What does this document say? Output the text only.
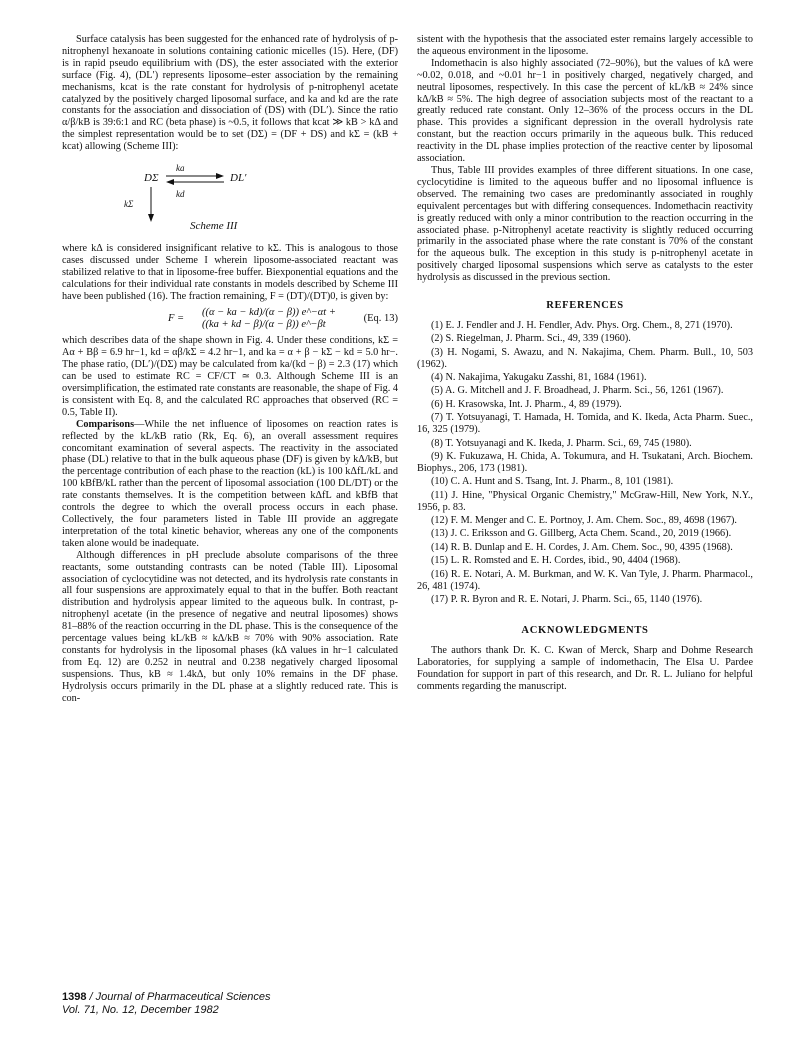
Surface catalysis has been suggested for the enhanced rate of hydrolysis of p-nitrophenyl hexanoate in solutions containing cationic micelles (15). Here, (DF) is in rapid pseudo equilibrium with (DS), the ester associated with the exterior surface (Fig. 4), (DL′) represents liposome–ester association by the remaining mechanisms, kcat is the rate constant for hydrolysis of p-nitrophenyl acetate catalyzed by the positively charged liposomal surface, and ka and kd are the rate constants for the association and dissociation of (DS) with (DL′). Since the ratio α/β/kB is 39:6:1 and RC (beta phase) is ~0.5, it follows that kcat ≫ kB > kΔ and the simplest representation would be to set (DΣ) = (DF + DS) and kΣ = (kB + kcat) allowing (Scheme III):

ka
DΣ	DL′
kd
kΣ
Scheme III

where kΔ is considered insignificant relative to kΣ. This is analogous to those cases discussed under Scheme I wherein liposome-associated reactant was stabilized relative to that in liposome-free buffer. Biexponential equations and the calculations for their individual rate constants in models described by Scheme III have been published (16). The fraction remaining, F = (DT)/(DT)0, is given by:

F =
((α − ka − kd)/(α − β)) e^−αt + ((ka + kd − β)/(α − β)) e^−βt
(Eq. 13)

which describes data of the shape shown in Fig. 4. Under these conditions, kΣ = Aα + Bβ = 6.9 hr−1, kd = αβ/kΣ = 4.2 hr−1, and ka = α + β − kΣ − kd = 5.0 hr−. The phase ratio, (DL′)/(DΣ) may be calculated from ka/(kd − β) = 2.3 (17) which can be used to estimate RC = CF/CT ≃ 0.3. Although Scheme III is an oversimplification, the estimated rate constants are reasonable, the shape of Fig. 4 is consistent with Eq. 8, and the calculated RC approaches that observed (RC = 0.5, Table II).

Comparisons—While the net influence of liposomes on reaction rates is reflected by the kL/kB ratio (Rk, Eq. 6), an overall assessment requires concomitant examination of several aspects. The reactivity in the associated phase (DL) relative to that in the bulk aqueous phase (DF) is given by kΔ/kB, but the percentage contribution of each phase to the reaction (kL) is 100 kΔfL/kL and 100 kBfB/kL rather than the percent of liposomal association (100 DL/DT) or the rate constants themselves. It is the competition between kΔfL and kBfB that controls the degree to which the overall process occurs in each phase. Collectively, the four parameters listed in Table III provide an aggregate interpretation of the total kinetic behavior, whereas any one of the components taken alone would be inadequate.

Although differences in pH preclude absolute comparisons of the three reactants, some outstanding contrasts can be noted (Table III). Liposomal association of cyclocytidine was not detected, and its hydrolysis rate constants in all four suspensions are approximately equal to that in the buffer. Both reactant distribution and hydrolysis appear limited to the aqueous bulk. In contrast, p-nitrophenyl acetate (in the presence of negative and neutral liposomes) shows 81–88% of the reaction occurring in the DL phase. This is the consequence of the percentage values being kL/kB ≈ kΔ/kB ≈ 70% with 90% association. Rate constants for hydrolysis in the liposomal phases (kΔ values in hr−1 calculated from Eq. 12) are 0.252 in neutral and 0.238 negatively charged liposomal suspensions. Thus, kB ≈ 1.4kΔ, but only 10% remains in the DF phase. Hydrolysis occurs primarily in the DL phase at a slightly reduced rate. This is con-

sistent with the hypothesis that the associated ester remains largely accessible to the aqueous environment in the liposome.

Indomethacin is also highly associated (72–90%), but the values of kΔ were ~0.02, 0.018, and ~0.01 hr−1 in positively charged, negatively charged, and neutral liposomes, respectively. In this case the percent of kL/kB ≈ 24% since kΔ/kB ≈ 5%. The high degree of association subjects most of the reactant to a greatly reduced rate constant. Only 12–36% of the process occurs in the DL phase. This provides a significant depression in the overall hydrolysis rate constant, but the reaction occurs primarily in the aqueous bulk. This reduced reactivity in the DL phase implies protection of the reactive center by liposomal association.

Thus, Table III provides examples of three different situations. In one case, cyclocytidine is limited to the aqueous buffer and no liposomal influence is observed. The remaining two cases are predominantly associated in roughly equivalent percentages but with differing consequences. Indomethacin reactivity is greatly reduced with only a minor contribution to the reaction occurring in the associated phase. p-Nitrophenyl acetate reactivity is slightly reduced occurring primarily in the associated phase where the rate constant is 70% of the constant for the aqueous bulk. The exception in this study is p-nitrophenyl acetate in positively charged liposomal suspensions which serve as catalysts to the ester hydrolysis as discussed in the previous section.

REFERENCES

(1) E. J. Fendler and J. H. Fendler, Adv. Phys. Org. Chem., 8, 271 (1970).
(2) S. Riegelman, J. Pharm. Sci., 49, 339 (1960).
(3) H. Nogami, S. Awazu, and N. Nakajima, Chem. Pharm. Bull., 10, 503 (1962).
(4) N. Nakajima, Yakugaku Zasshi, 81, 1684 (1961).
(5) A. G. Mitchell and J. F. Broadhead, J. Pharm. Sci., 56, 1261 (1967).
(6) H. Krasowska, Int. J. Pharm., 4, 89 (1979).
(7) T. Yotsuyanagi, T. Hamada, H. Tomida, and K. Ikeda, Acta Pharm. Suec., 16, 325 (1979).
(8) T. Yotsuyanagi and K. Ikeda, J. Pharm. Sci., 69, 745 (1980).
(9) K. Fukuzawa, H. Chida, A. Tokumura, and H. Tsukatani, Arch. Biochem. Biophys., 206, 173 (1981).
(10) C. A. Hunt and S. Tsang, Int. J. Pharm., 8, 101 (1981).
(11) J. Hine, "Physical Organic Chemistry," McGraw-Hill, New York, N.Y., 1956, p. 83.
(12) F. M. Menger and C. E. Portnoy, J. Am. Chem. Soc., 89, 4698 (1967).
(13) J. C. Eriksson and G. Gillberg, Acta Chem. Scand., 20, 2019 (1966).
(14) R. B. Dunlap and E. H. Cordes, J. Am. Chem. Soc., 90, 4395 (1968).
(15) L. R. Romsted and E. H. Cordes, ibid., 90, 4404 (1968).
(16) R. E. Notari, A. M. Burkman, and W. K. Van Tyle, J. Pharm. Pharmacol., 26, 481 (1974).
(17) P. R. Byron and R. E. Notari, J. Pharm. Sci., 65, 1140 (1976).

ACKNOWLEDGMENTS

The authors thank Dr. K. C. Kwan of Merck, Sharp and Dohme Research Laboratories, for supplying a sample of indomethacin, The Elsa U. Pardee Foundation for support in part of this research, and Dr. R. L. Juliano for helpful comments regarding the manuscript.

1398 / Journal of Pharmaceutical Sciences
Vol. 71, No. 12, December 1982
